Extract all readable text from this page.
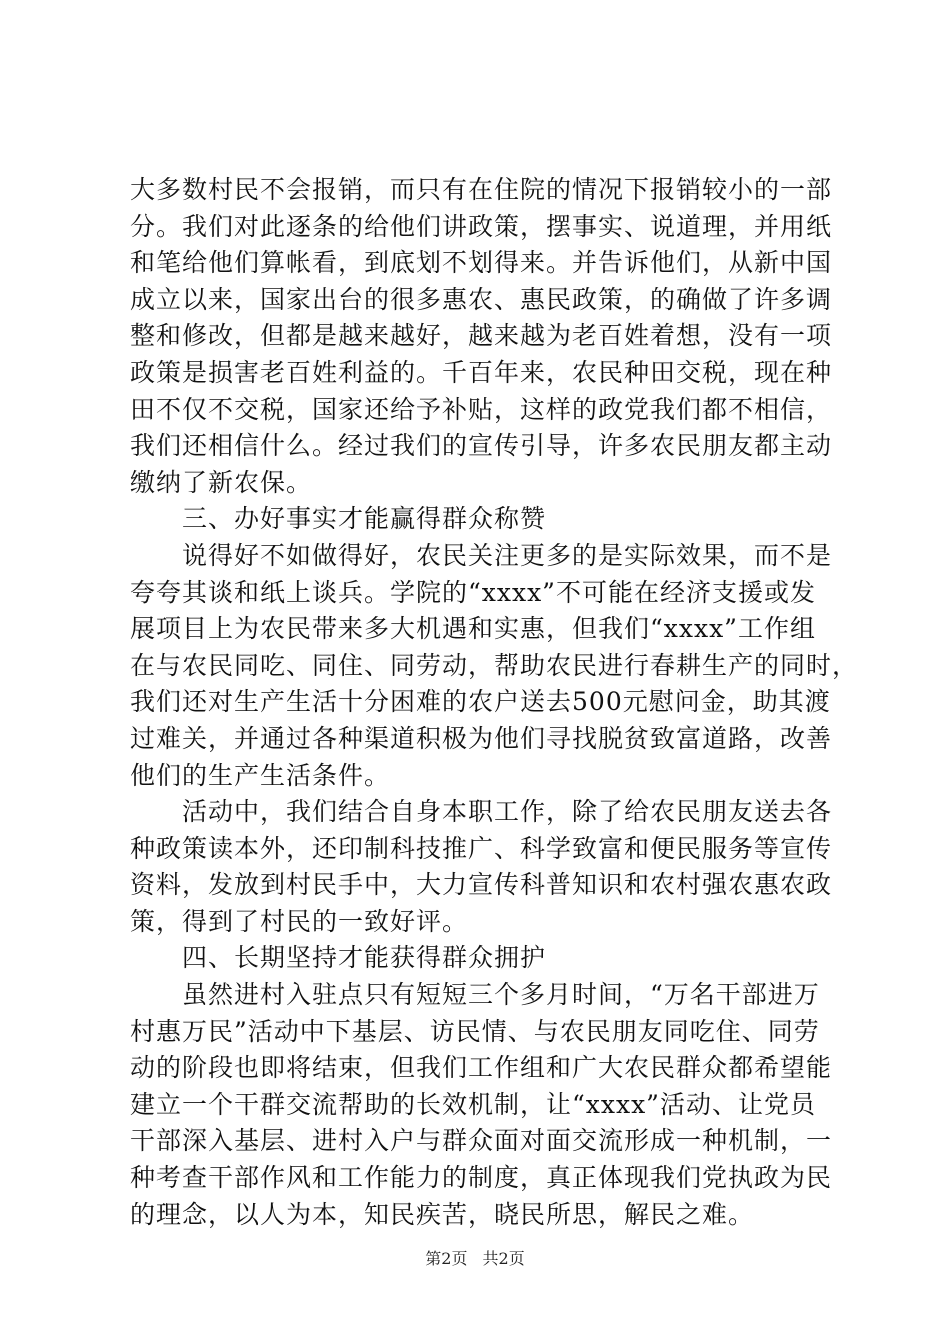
大多数村民不会报销，而只有在住院的情况下报销较小的一部
分。我们对此逐条的给他们讲政策，摆事实、说道理，并用纸
和笔给他们算帐看，到底划不划得来。并告诉他们，从新中国
成立以来，国家出台的很多惠农、惠民政策，的确做了许多调
整和修改，但都是越来越好，越来越为老百姓着想，没有一项
政策是损害老百姓利益的。千百年来，农民种田交税，现在种
田不仅不交税，国家还给予补贴，这样的政党我们都不相信，
我们还相信什么。经过我们的宣传引导，许多农民朋友都主动
缴纳了新农保。
三、办好事实才能赢得群众称赞
说得好不如做得好，农民关注更多的是实际效果，而不是
夸夸其谈和纸上谈兵。学院的“xxxx”不可能在经济支援或发
展项目上为农民带来多大机遇和实惠，但我们“xxxx”工作组
在与农民同吃、同住、同劳动，帮助农民进行春耕生产的同时，
我们还对生产生活十分困难的农户送去500元慰问金，助其渡
过难关，并通过各种渠道积极为他们寻找脱贫致富道路，改善
他们的生产生活条件。
活动中，我们结合自身本职工作，除了给农民朋友送去各
种政策读本外，还印制科技推广、科学致富和便民服务等宣传
资料，发放到村民手中，大力宣传科普知识和农村强农惠农政
策，得到了村民的一致好评。
四、长期坚持才能获得群众拥护
虽然进村入驻点只有短短三个多月时间，“万名干部进万
村惠万民”活动中下基层、访民情、与农民朋友同吃住、同劳
动的阶段也即将结束，但我们工作组和广大农民群众都希望能
建立一个干群交流帮助的长效机制，让“xxxx”活动、让党员
干部深入基层、进村入户与群众面对面交流形成一种机制，一
种考查干部作风和工作能力的制度，真正体现我们党执政为民
的理念，以人为本，知民疾苦，晓民所思，解民之难。
第2页 共2页
